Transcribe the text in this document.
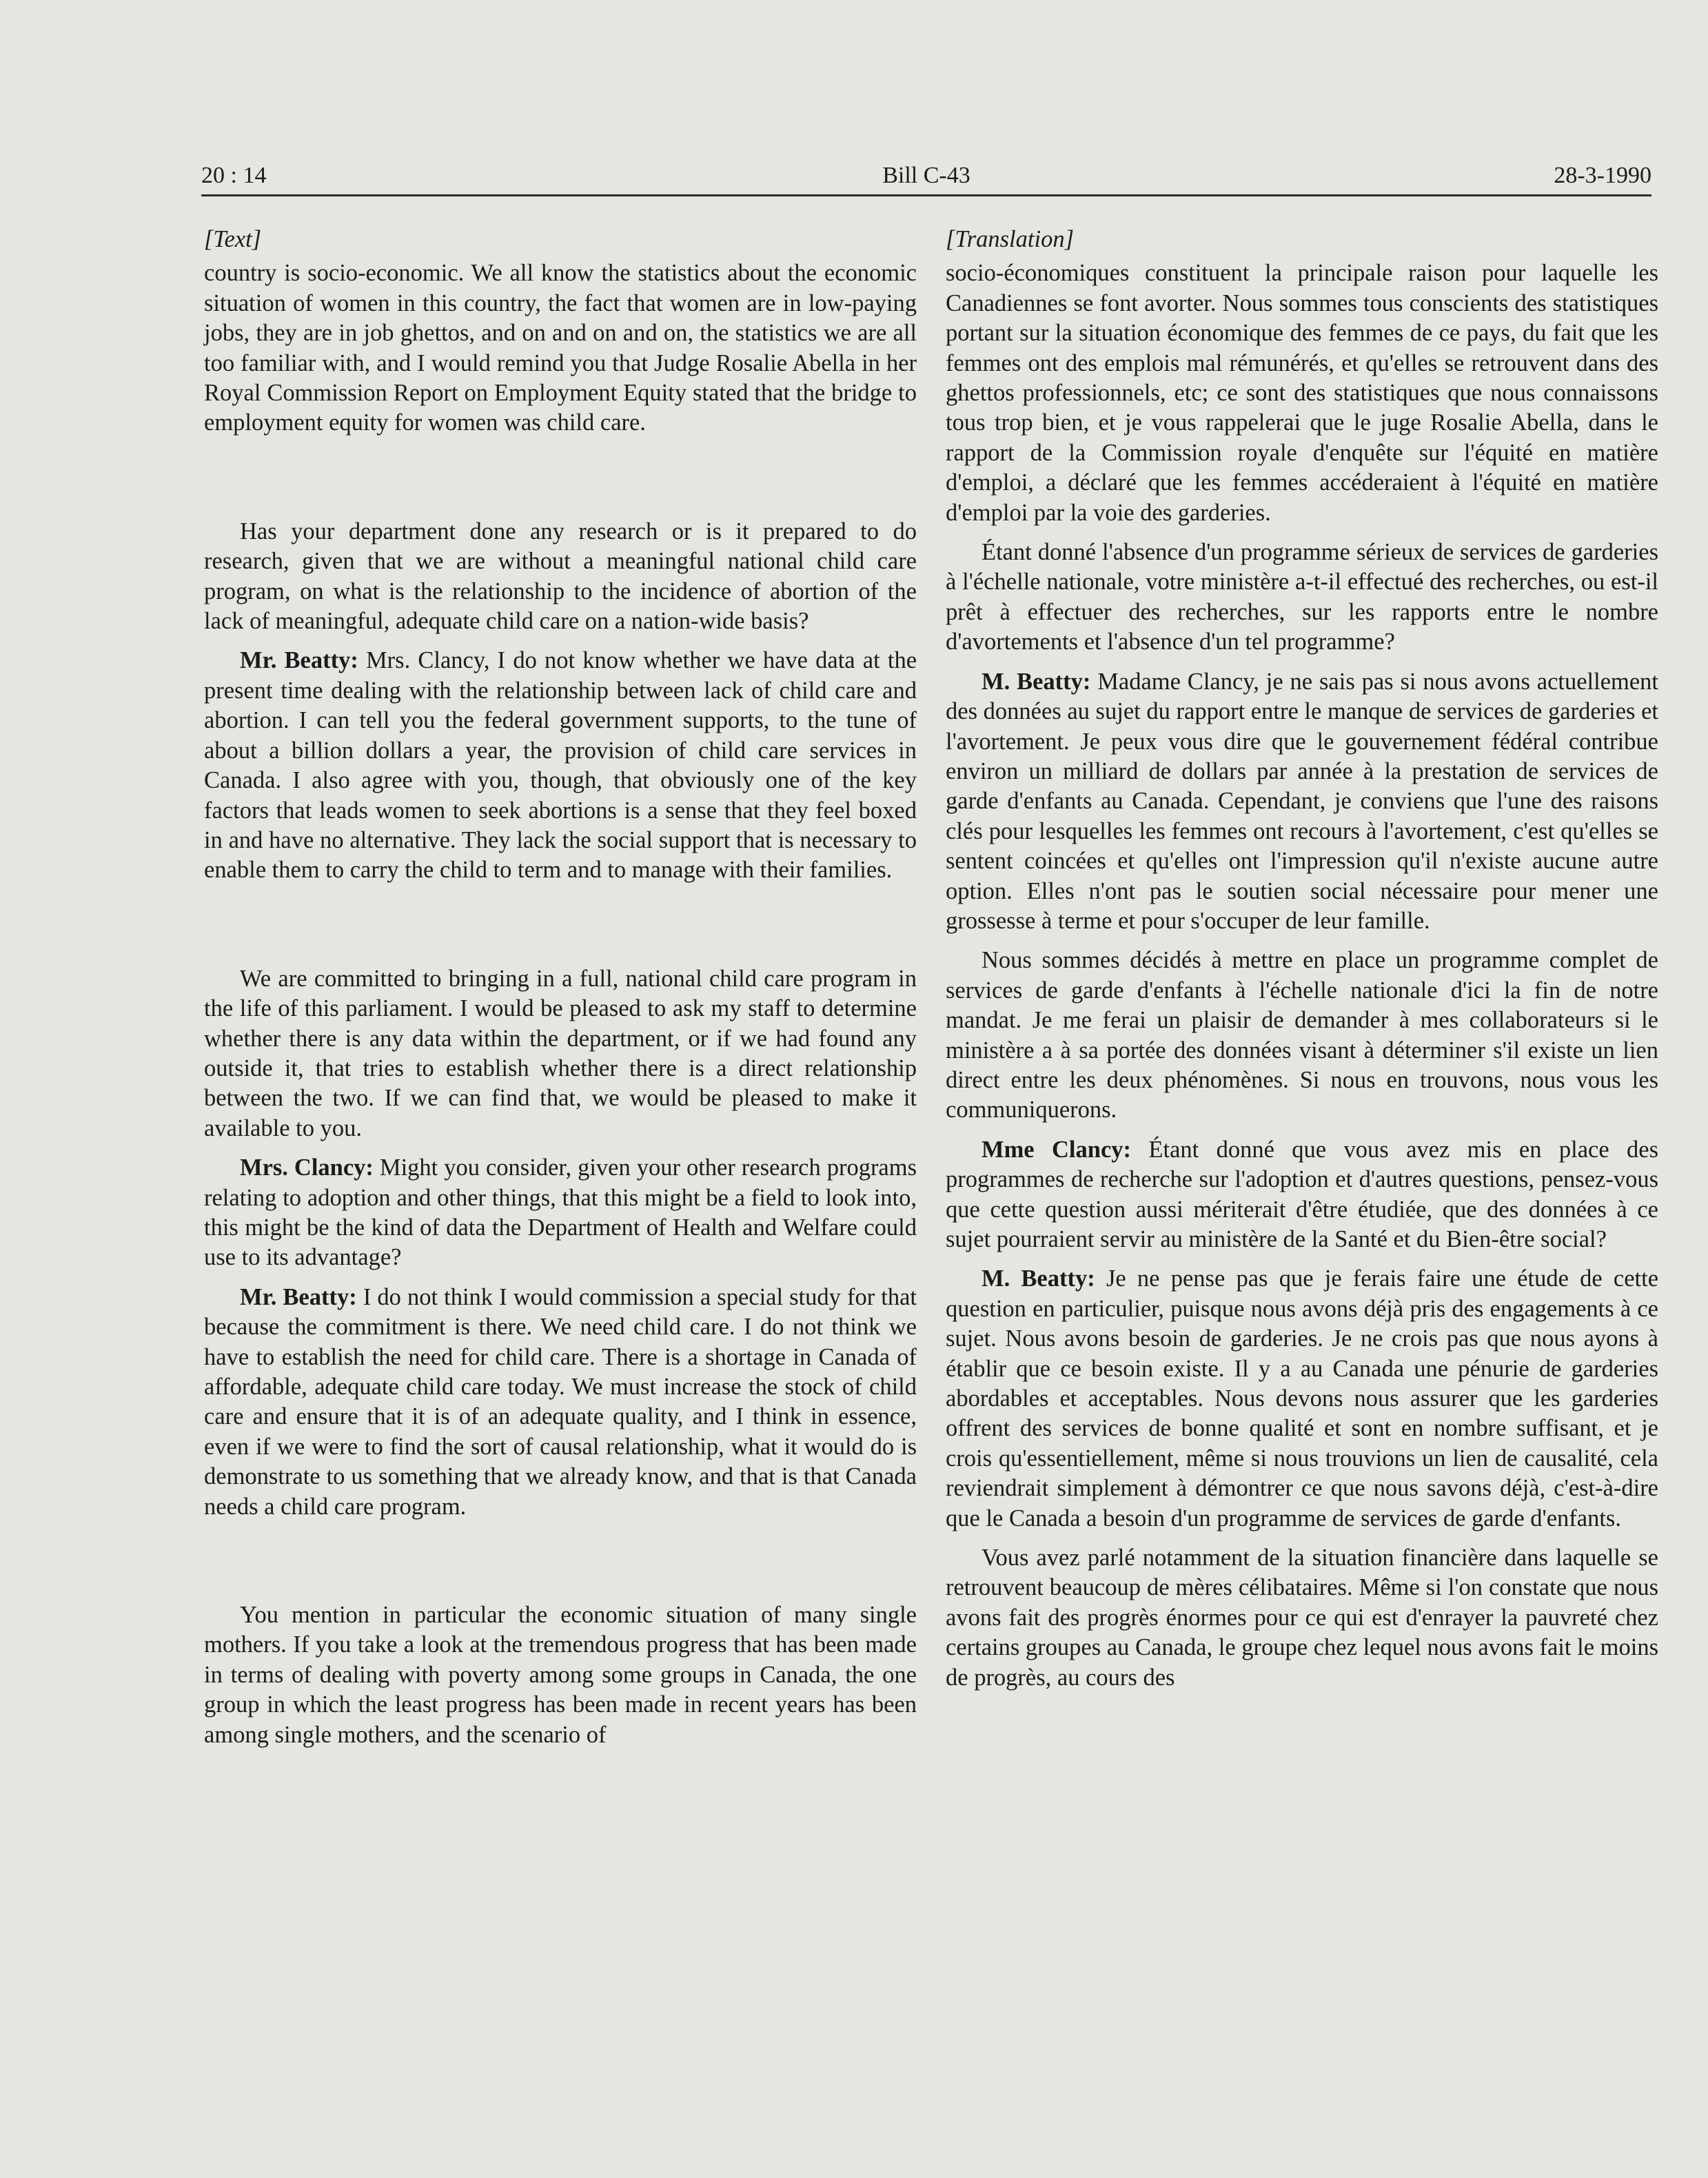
20 : 14	Bill C-43	28-3-1990

[Text]

country is socio-economic. We all know the statistics about the economic situation of women in this country, the fact that women are in low-paying jobs, they are in job ghettos, and on and on and on, the statistics we are all too familiar with, and I would remind you that Judge Rosalie Abella in her Royal Commission Report on Employment Equity stated that the bridge to employment equity for women was child care.

Has your department done any research or is it prepared to do research, given that we are without a meaningful national child care program, on what is the relationship to the incidence of abortion of the lack of meaningful, adequate child care on a nation-wide basis?

Mr. Beatty: Mrs. Clancy, I do not know whether we have data at the present time dealing with the relationship between lack of child care and abortion. I can tell you the federal government supports, to the tune of about a billion dollars a year, the provision of child care services in Canada. I also agree with you, though, that obviously one of the key factors that leads women to seek abortions is a sense that they feel boxed in and have no alternative. They lack the social support that is necessary to enable them to carry the child to term and to manage with their families.

We are committed to bringing in a full, national child care program in the life of this parliament. I would be pleased to ask my staff to determine whether there is any data within the department, or if we had found any outside it, that tries to establish whether there is a direct relationship between the two. If we can find that, we would be pleased to make it available to you.

Mrs. Clancy: Might you consider, given your other research programs relating to adoption and other things, that this might be a field to look into, this might be the kind of data the Department of Health and Welfare could use to its advantage?

Mr. Beatty: I do not think I would commission a special study for that because the commitment is there. We need child care. I do not think we have to establish the need for child care. There is a shortage in Canada of affordable, adequate child care today. We must increase the stock of child care and ensure that it is of an adequate quality, and I think in essence, even if we were to find the sort of causal relationship, what it would do is demonstrate to us something that we already know, and that is that Canada needs a child care program.

You mention in particular the economic situation of many single mothers. If you take a look at the tremendous progress that has been made in terms of dealing with poverty among some groups in Canada, the one group in which the least progress has been made in recent years has been among single mothers, and the scenario of

[Translation]

socio-économiques constituent la principale raison pour laquelle les Canadiennes se font avorter. Nous sommes tous conscients des statistiques portant sur la situation économique des femmes de ce pays, du fait que les femmes ont des emplois mal rémunérés, et qu'elles se retrouvent dans des ghettos professionnels, etc; ce sont des statistiques que nous connaissons tous trop bien, et je vous rappelerai que le juge Rosalie Abella, dans le rapport de la Commission royale d'enquête sur l'équité en matière d'emploi, a déclaré que les femmes accéderaient à l'équité en matière d'emploi par la voie des garderies.

Étant donné l'absence d'un programme sérieux de services de garderies à l'échelle nationale, votre ministère a-t-il effectué des recherches, ou est-il prêt à effectuer des recherches, sur les rapports entre le nombre d'avortements et l'absence d'un tel programme?

M. Beatty: Madame Clancy, je ne sais pas si nous avons actuellement des données au sujet du rapport entre le manque de services de garderies et l'avortement. Je peux vous dire que le gouvernement fédéral contribue environ un milliard de dollars par année à la prestation de services de garde d'enfants au Canada. Cependant, je conviens que l'une des raisons clés pour lesquelles les femmes ont recours à l'avortement, c'est qu'elles se sentent coincées et qu'elles ont l'impression qu'il n'existe aucune autre option. Elles n'ont pas le soutien social nécessaire pour mener une grossesse à terme et pour s'occuper de leur famille.

Nous sommes décidés à mettre en place un programme complet de services de garde d'enfants à l'échelle nationale d'ici la fin de notre mandat. Je me ferai un plaisir de demander à mes collaborateurs si le ministère a à sa portée des données visant à déterminer s'il existe un lien direct entre les deux phénomènes. Si nous en trouvons, nous vous les communiquerons.

Mme Clancy: Étant donné que vous avez mis en place des programmes de recherche sur l'adoption et d'autres questions, pensez-vous que cette question aussi mériterait d'être étudiée, que des données à ce sujet pourraient servir au ministère de la Santé et du Bien-être social?

M. Beatty: Je ne pense pas que je ferais faire une étude de cette question en particulier, puisque nous avons déjà pris des engagements à ce sujet. Nous avons besoin de garderies. Je ne crois pas que nous ayons à établir que ce besoin existe. Il y a au Canada une pénurie de garderies abordables et acceptables. Nous devons nous assurer que les garderies offrent des services de bonne qualité et sont en nombre suffisant, et je crois qu'essentiellement, même si nous trouvions un lien de causalité, cela reviendrait simplement à démontrer ce que nous savons déjà, c'est-à-dire que le Canada a besoin d'un programme de services de garde d'enfants.

Vous avez parlé notamment de la situation financière dans laquelle se retrouvent beaucoup de mères célibataires. Même si l'on constate que nous avons fait des progrès énormes pour ce qui est d'enrayer la pauvreté chez certains groupes au Canada, le groupe chez lequel nous avons fait le moins de progrès, au cours des
